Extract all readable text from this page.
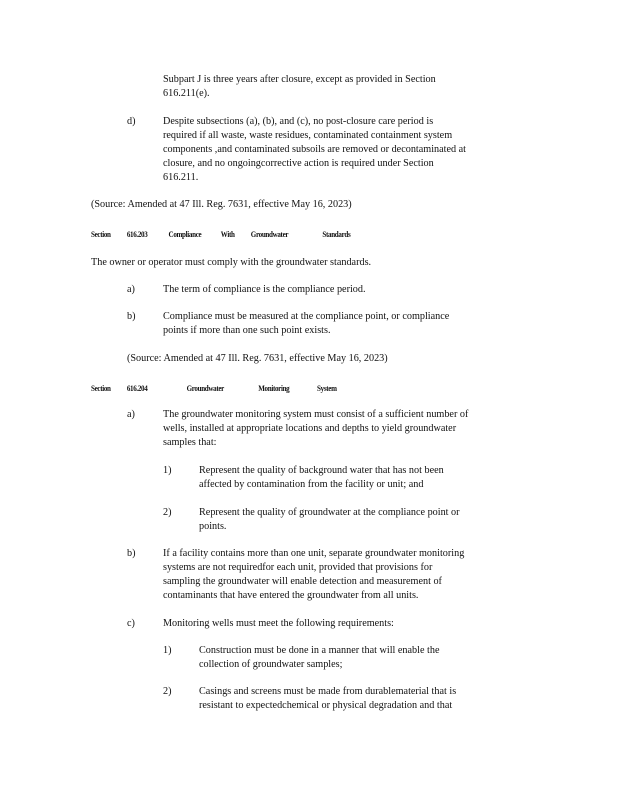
Subpart J is three years after closure, except as provided in Section
616.211(e).
d)	Despite subsections (a), (b), and (c), no post-closure care period is
required if all waste, waste residues, contaminated containment system
components ,and contaminated subsoils are removed or decontaminated at
closure, and no ongoingcorrective action is required under Section
616.211.
(Source: Amended at 47 Ill. Reg. 7631, effective May 16, 2023)
Section 616.203 Compliance With Groundwater	Standards
The owner or operator must comply with the groundwater standards.
a)	The term of compliance is the compliance period.
b)	Compliance must be measured at the compliance point, or compliance
points if more than one such point exists.
(Source: Amended at 47 Ill. Reg. 7631, effective May 16, 2023)
Section 616.204	Groundwater	Monitoring	System
a)	The groundwater monitoring system must consist of a sufficient number of
wells, installed at appropriate locations and depths to yield groundwater
samples that:
1)	Represent the quality of background water that has not been
affected by contamination from the facility or unit; and
2)	Represent the quality of groundwater at the compliance point or
points.
b)	If a facility contains more than one unit, separate groundwater monitoring
systems are not requiredfor each unit, provided that provisions for
sampling the groundwater will enable detection and measurement of
contaminants that have entered the groundwater from all units.
c)	Monitoring wells must meet the following requirements:
1)	Construction must be done in a manner that will enable the
collection of groundwater samples;
2)	Casings and screens must be made from durablematerial that is
resistant to expectedchemical or physical degradation and that
